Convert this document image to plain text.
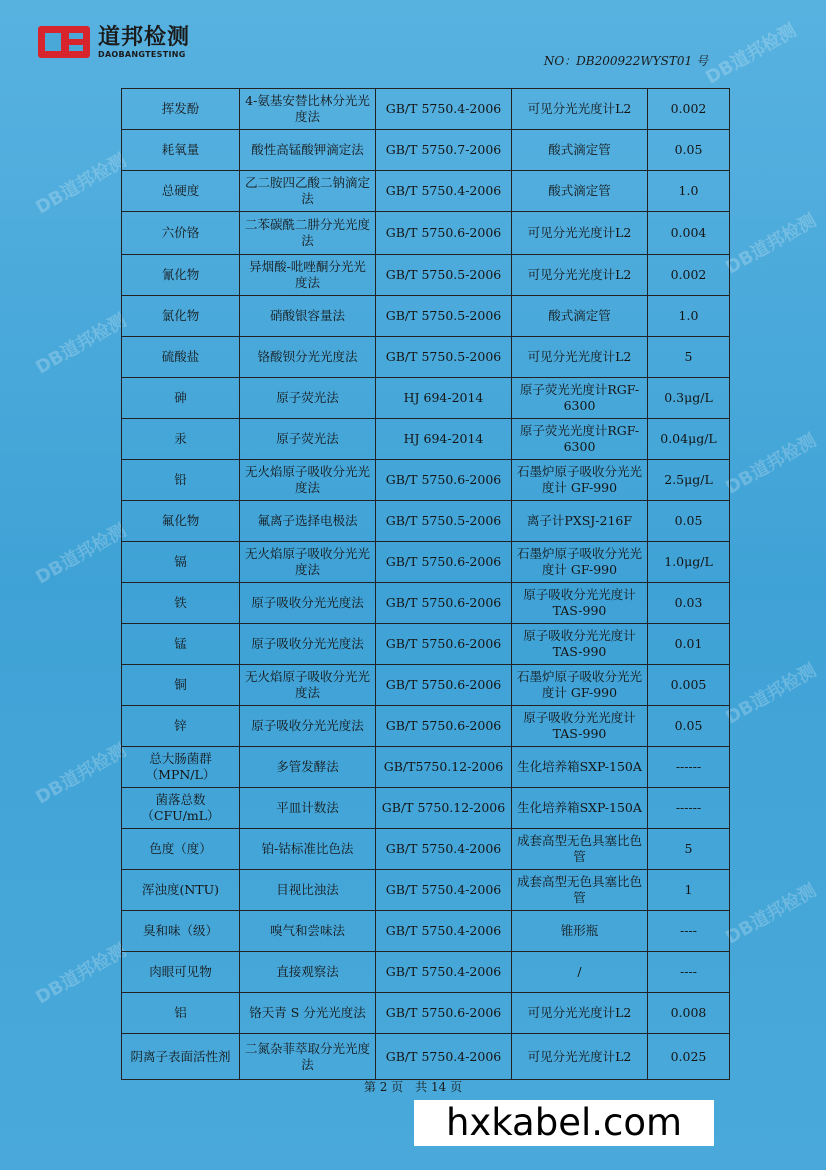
DB道邦检测
DB道邦检测
DB道邦检测
DB道邦检测
DB道邦检测
DB道邦检测
DB道邦检测
DB道邦检测
DB道邦检测
DB道邦检测
道邦检测
DAOBANGTESTING	NO：DB200922WYST01 号
挥发酚	4-氨基安替比林分光光度法	GB/T 5750.4-2006	可见分光光度计L2	0.002
耗氧量	酸性高锰酸钾滴定法	GB/T 5750.7-2006	酸式滴定管	0.05
总硬度	乙二胺四乙酸二钠滴定法	GB/T 5750.4-2006	酸式滴定管	1.0
六价铬	二苯碳酰二肼分光光度法	GB/T 5750.6-2006	可见分光光度计L2	0.004
氰化物	异烟酸-吡唑酮分光光度法	GB/T 5750.5-2006	可见分光光度计L2	0.002
氯化物	硝酸银容量法	GB/T 5750.5-2006	酸式滴定管	1.0
硫酸盐	铬酸钡分光光度法	GB/T 5750.5-2006	可见分光光度计L2	5
砷	原子荧光法	HJ 694-2014	原子荧光光度计RGF-6300	0.3μg/L
汞	原子荧光法	HJ 694-2014	原子荧光光度计RGF-6300	0.04μg/L
铅	无火焰原子吸收分光光度法	GB/T 5750.6-2006	石墨炉原子吸收分光光度计 GF-990	2.5μg/L
氟化物	氟离子选择电极法	GB/T 5750.5-2006	离子计PXSJ-216F	0.05
镉	无火焰原子吸收分光光度法	GB/T 5750.6-2006	石墨炉原子吸收分光光度计 GF-990	1.0μg/L
铁	原子吸收分光光度法	GB/T 5750.6-2006	原子吸收分光光度计 TAS-990	0.03
锰	原子吸收分光光度法	GB/T 5750.6-2006	原子吸收分光光度计 TAS-990	0.01
铜	无火焰原子吸收分光光度法	GB/T 5750.6-2006	石墨炉原子吸收分光光度计 GF-990	0.005
锌	原子吸收分光光度法	GB/T 5750.6-2006	原子吸收分光光度计 TAS-990	0.05
总大肠菌群（MPN/L）	多管发酵法	GB/T5750.12-2006	生化培养箱SXP-150A	------
菌落总数（CFU/mL）	平皿计数法	GB/T 5750.12-2006	生化培养箱SXP-150A	------
色度（度）	铂-钴标准比色法	GB/T 5750.4-2006	成套高型无色具塞比色管	5
浑浊度(NTU)	目视比浊法	GB/T 5750.4-2006	成套高型无色具塞比色管	1
臭和味（级）	嗅气和尝味法	GB/T 5750.4-2006	锥形瓶	----
肉眼可见物	直接观察法	GB/T 5750.4-2006	/	----
铝	铬天青 S 分光光度法	GB/T 5750.6-2006	可见分光光度计L2	0.008
阴离子表面活性剂	二氮杂菲萃取分光光度法	GB/T 5750.4-2006	可见分光光度计L2	0.025
第 2 页　共 14 页
hxkabel.com
